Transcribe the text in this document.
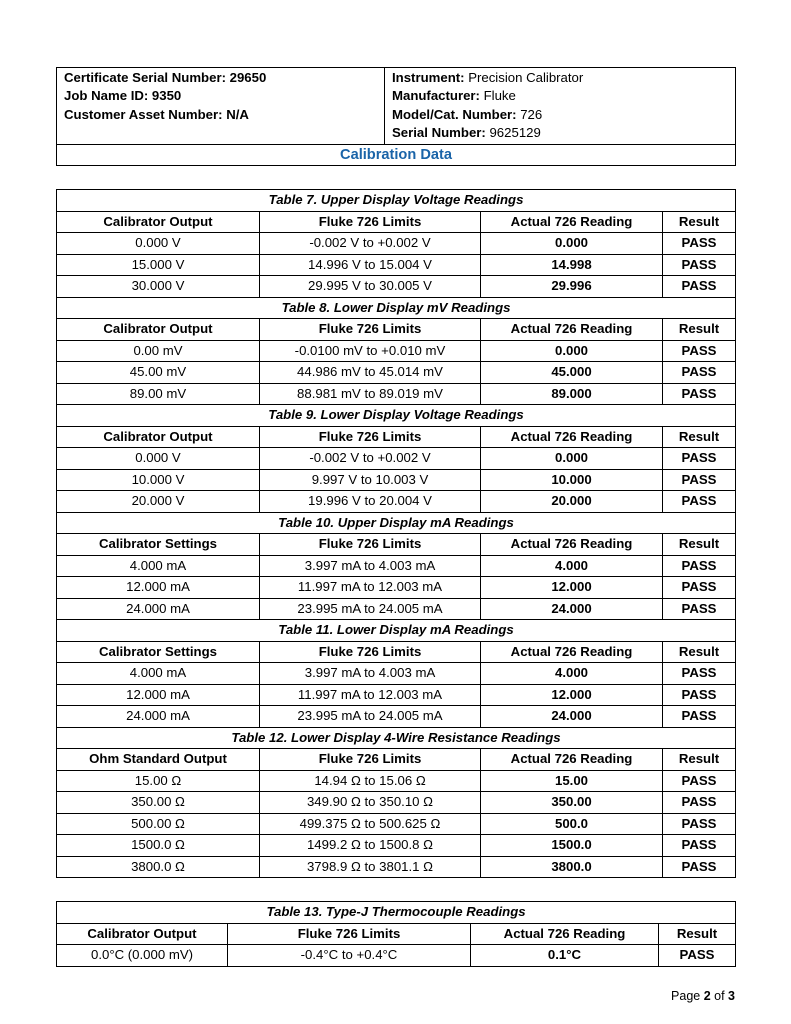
Certificate Serial Number: 29650
Job Name ID: 9350
Customer Asset Number: N/A

Instrument: Precision Calibrator
Manufacturer: Fluke
Model/Cat. Number: 726
Serial Number: 9625129

Calibration Data
Table 7. Upper Display Voltage Readings			
Calibrator Output	Fluke 726 Limits	Actual 726 Reading	Result
0.000 V	-0.002 V to +0.002 V	0.000	PASS
15.000 V	14.996 V to 15.004 V	14.998	PASS
30.000 V	29.995 V to 30.005 V	29.996	PASS
Table 8. Lower Display mV Readings			
Calibrator Output	Fluke 726 Limits	Actual 726 Reading	Result
0.00 mV	-0.0100 mV to +0.010 mV	0.000	PASS
45.00 mV	44.986 mV to 45.014 mV	45.000	PASS
89.00 mV	88.981 mV to 89.019 mV	89.000	PASS
Table 9. Lower Display Voltage Readings			
Calibrator Output	Fluke 726 Limits	Actual 726 Reading	Result
0.000 V	-0.002 V to +0.002 V	0.000	PASS
10.000 V	9.997 V to 10.003 V	10.000	PASS
20.000 V	19.996 V to 20.004 V	20.000	PASS
Table 10. Upper Display mA Readings			
Calibrator Settings	Fluke 726 Limits	Actual 726 Reading	Result
4.000 mA	3.997 mA to 4.003 mA	4.000	PASS
12.000 mA	11.997 mA to 12.003 mA	12.000	PASS
24.000 mA	23.995 mA to 24.005 mA	24.000	PASS
Table 11. Lower Display mA Readings			
Calibrator Settings	Fluke 726 Limits	Actual 726 Reading	Result
4.000 mA	3.997 mA to 4.003 mA	4.000	PASS
12.000 mA	11.997 mA to 12.003 mA	12.000	PASS
24.000 mA	23.995 mA to 24.005 mA	24.000	PASS
Table 12. Lower Display 4-Wire Resistance Readings			
Ohm Standard Output	Fluke 726 Limits	Actual 726 Reading	Result
15.00 Ω	14.94 Ω to 15.06 Ω	15.00	PASS
350.00 Ω	349.90 Ω to 350.10 Ω	350.00	PASS
500.00 Ω	499.375 Ω to 500.625 Ω	500.0	PASS
1500.0 Ω	1499.2 Ω to 1500.8 Ω	1500.0	PASS
3800.0 Ω	3798.9 Ω to 3801.1 Ω	3800.0	PASS
Table 13. Type-J Thermocouple Readings			
Calibrator Output	Fluke 726 Limits	Actual 726 Reading	Result
0.0°C (0.000 mV)	-0.4°C to +0.4°C	0.1°C	PASS
Page 2 of 3
